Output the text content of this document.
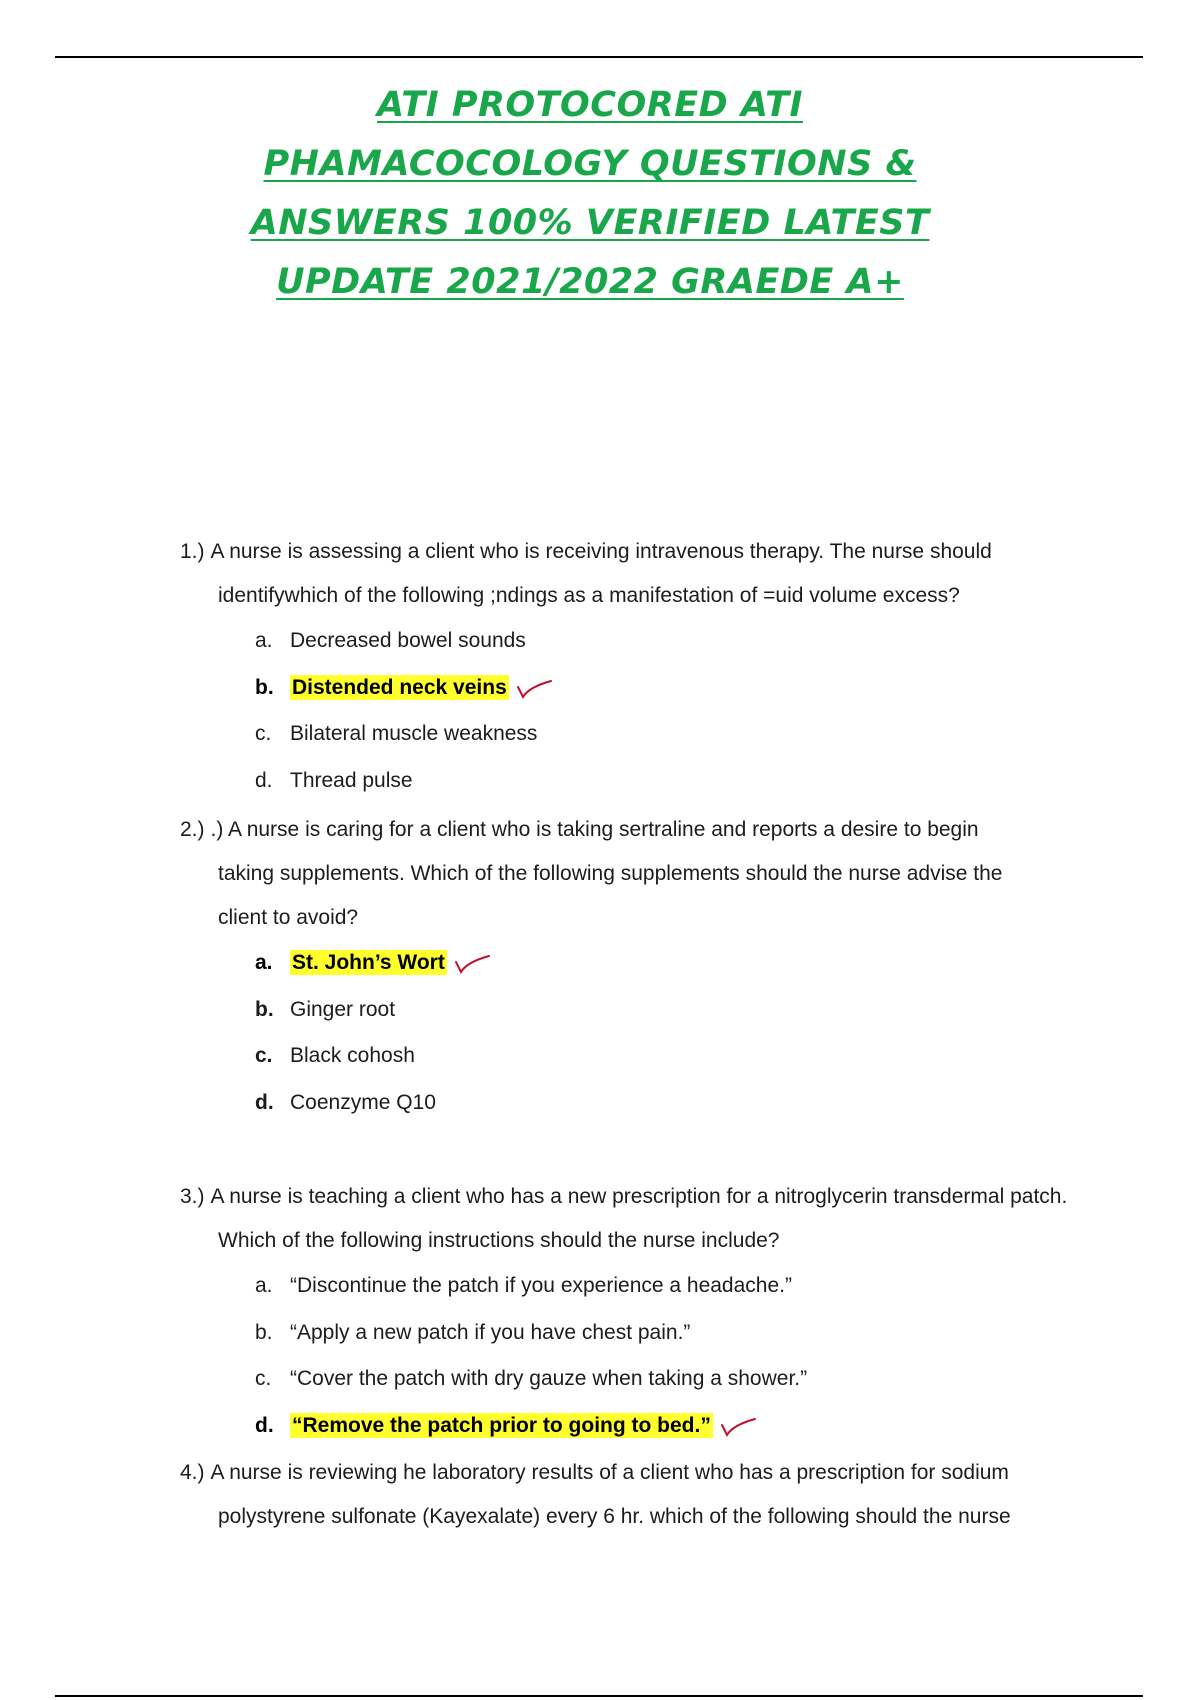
ATI PROTOCORED ATI
PHAMACOCOLOGY QUESTIONS &
ANSWERS 100% VERIFIED LATEST
UPDATE 2021/2022 GRAEDE A+
1.) A nurse is assessing a client who is receiving intravenous therapy. The nurse should
identifywhich of the following ;ndings as a manifestation of =uid volume excess?
a. Decreased bowel sounds
b. Distended neck veins
c. Bilateral muscle weakness
d. Thread pulse
2.) .) A nurse is caring for a client who is taking sertraline and reports a desire to begin
taking supplements. Which of the following supplements should the nurse advise the
client to avoid?
a. St. John’s Wort
b. Ginger root
c. Black cohosh
d. Coenzyme Q10
3.) A nurse is teaching a client who has a new prescription for a nitroglycerin transdermal patch.
Which of the following instructions should the nurse include?
a. “Discontinue the patch if you experience a headache.”
b. “Apply a new patch if you have chest pain.”
c. “Cover the patch with dry gauze when taking a shower.”
d. “Remove the patch prior to going to bed.”
4.) A nurse is reviewing he laboratory results of a client who has a prescription for sodium
polystyrene sulfonate (Kayexalate) every 6 hr. which of the following should the nurse
